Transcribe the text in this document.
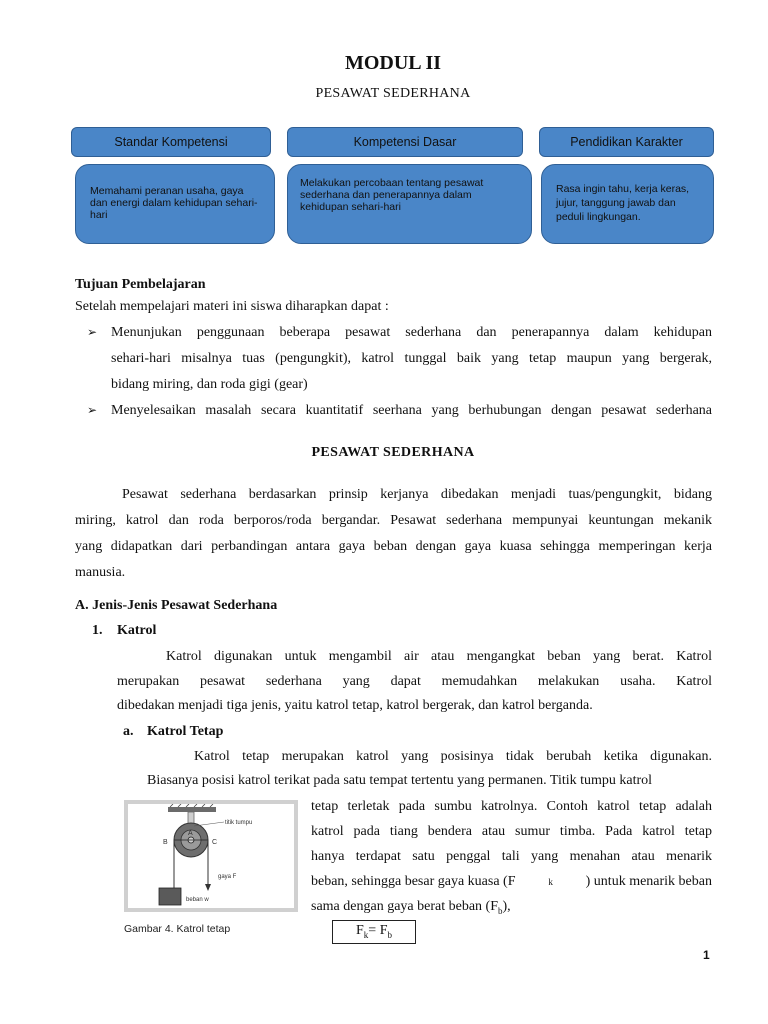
MODUL II
PESAWAT SEDERHANA
Standar Kompetensi	Kompetensi Dasar	Pendidikan Karakter
Memahami peranan usaha, gaya
dan energi dalam kehidupan sehari-
hari
Melakukan percobaan tentang pesawat
sederhana dan penerapannya dalam
kehidupan sehari-hari
Rasa ingin tahu, kerja keras,
jujur, tanggung jawab dan
peduli lingkungan.
Tujuan Pembelajaran
Setelah mempelajari materi ini siswa diharapkan dapat :
➢ Menunjukan penggunaan beberapa pesawat sederhana dan penerapannya dalam kehidupan
sehari-hari misalnya tuas (pengungkit), katrol tunggal baik yang tetap maupun yang bergerak,
bidang miring, dan roda gigi (gear)
➢ Menyelesaikan masalah secara kuantitatif seerhana yang berhubungan dengan pesawat sederhana
PESAWAT SEDERHANA
Pesawat sederhana berdasarkan prinsip kerjanya dibedakan menjadi tuas/pengungkit, bidang
miring, katrol dan roda berporos/roda bergandar. Pesawat sederhana mempunyai keuntungan mekanik
yang didapatkan dari perbandingan antara gaya beban dengan gaya kuasa sehingga memperingan kerja
manusia.
A. Jenis-Jenis Pesawat Sederhana
1. Katrol
Katrol digunakan untuk mengambil air atau mengangkat beban yang berat. Katrol
merupakan pesawat sederhana yang dapat memudahkan melakukan usaha. Katrol
dibedakan menjadi tiga jenis, yaitu katrol tetap, katrol bergerak, dan katrol berganda.
a. Katrol Tetap
Katrol tetap merupakan katrol yang posisinya tidak berubah ketika digunakan.
Biasanya posisi katrol terikat pada satu tempat tertentu yang permanen. Titik tumpu katrol
tetap terletak pada sumbu katrolnya. Contoh katrol tetap adalah
katrol pada tiang bendera atau sumur timba. Pada katrol tetap
hanya terdapat satu penggal tali yang menahan atau menarik
beban, sehingga besar gaya kuasa (F	k ) untuk menarik beban
sama dengan gaya berat beban $(F_b)$,
$F_k= F_b$
titik tumpu
B
A
C
gaya F
beban w
Gambar 4. Katrol tetap
1
